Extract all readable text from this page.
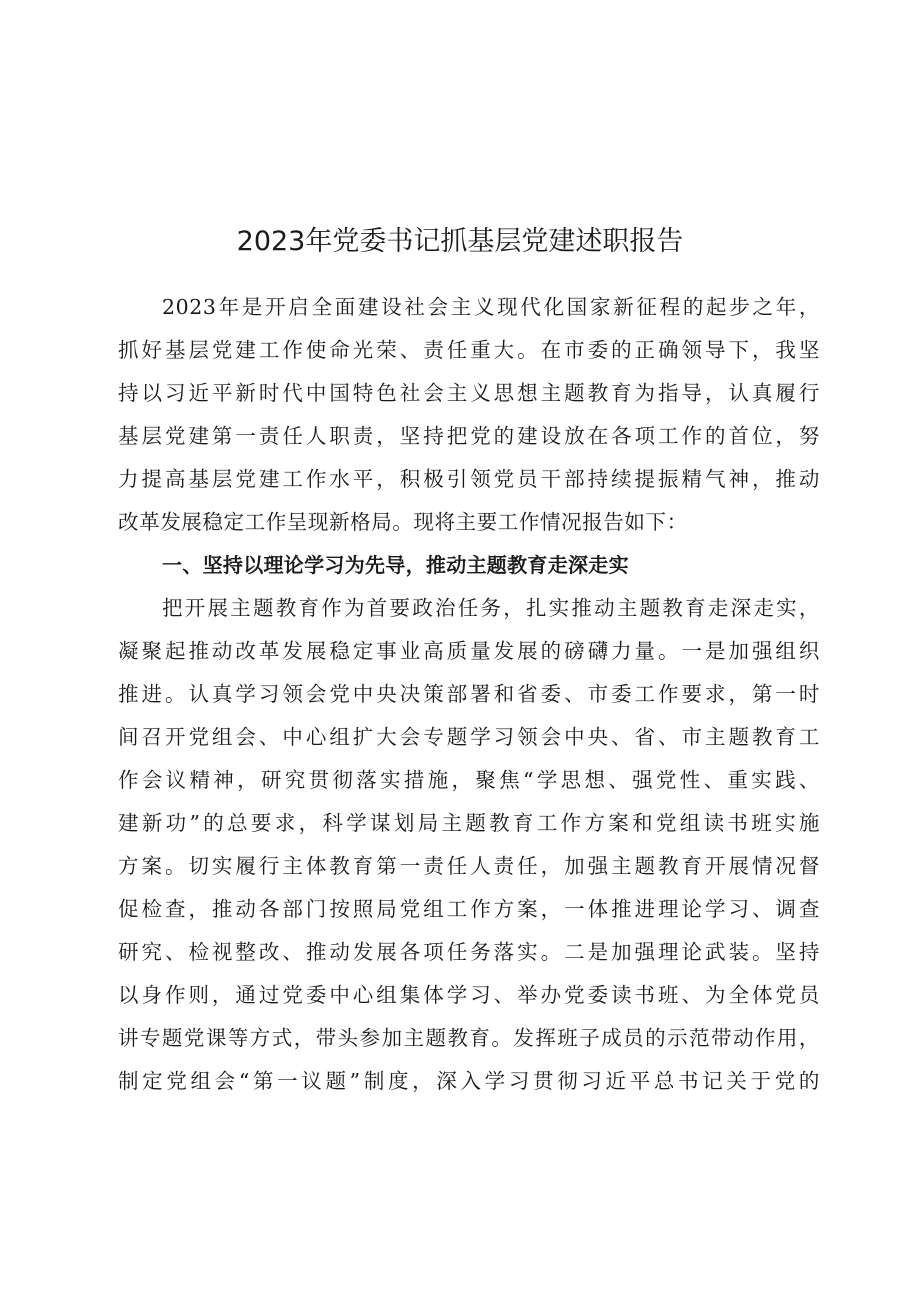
2023年党委书记抓基层党建述职报告
2023年是开启全面建设社会主义现代化国家新征程的起步之年，
抓好基层党建工作使命光荣、责任重大。在市委的正确领导下，我坚
持以习近平新时代中国特色社会主义思想主题教育为指导，认真履行
基层党建第一责任人职责，坚持把党的建设放在各项工作的首位，努
力提高基层党建工作水平，积极引领党员干部持续提振精气神，推动
改革发展稳定工作呈现新格局。现将主要工作情况报告如下：
一、坚持以理论学习为先导，推动主题教育走深走实
把开展主题教育作为首要政治任务，扎实推动主题教育走深走实，
凝聚起推动改革发展稳定事业高质量发展的磅礴力量。一是加强组织
推进。认真学习领会党中央决策部署和省委、市委工作要求，第一时
间召开党组会、中心组扩大会专题学习领会中央、省、市主题教育工
作会议精神，研究贯彻落实措施，聚焦“学思想、强党性、重实践、
建新功”的总要求，科学谋划局主题教育工作方案和党组读书班实施
方案。切实履行主体教育第一责任人责任，加强主题教育开展情况督
促检查，推动各部门按照局党组工作方案，一体推进理论学习、调查
研究、检视整改、推动发展各项任务落实。二是加强理论武装。坚持
以身作则，通过党委中心组集体学习、举办党委读书班、为全体党员
讲专题党课等方式，带头参加主题教育。发挥班子成员的示范带动作用，
制定党组会“第一议题”制度，深入学习贯彻习近平总书记关于党的
